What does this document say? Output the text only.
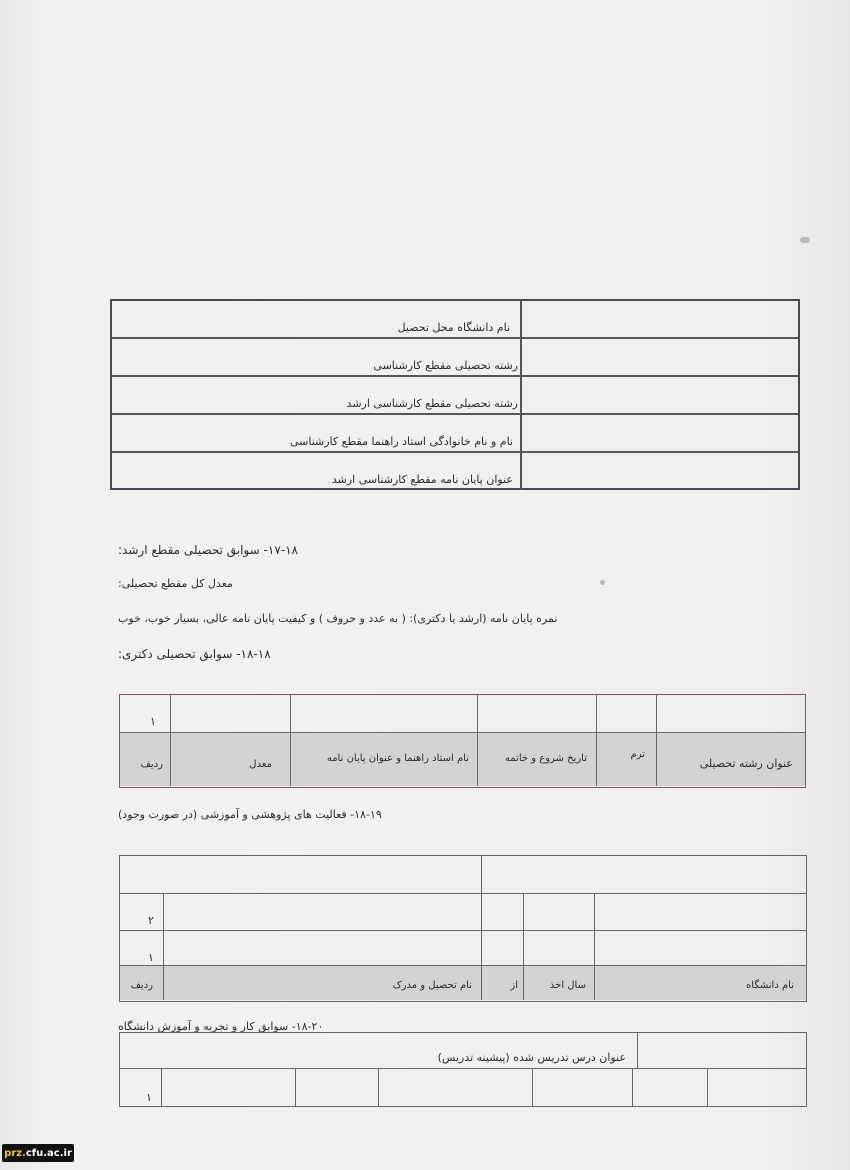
نام دانشگاه محل تحصیل
رشته تحصیلی مقطع کارشناسی
رشته تحصیلی مقطع کارشناسی ارشد
نام و نام خانوادگی استاد راهنما مقطع کارشناسی
عنوان پایان نامه مقطع کارشناسی ارشد
۱۷-۱۸- سوابق تحصیلی مقطع ارشد:
معدل کل مقطع تحصیلی:
نمره پایان نامه (ارشد یا دکتری): ( به عدد و حروف ) و کیفیت پایان نامه عالی، بسیار خوب، خوب
۱۸-۱۸- سوابق تحصیلی دکتری:
۱
عنوان رشته تحصیلی
ترم
تاریخ شروع و خاتمه
نام استاد راهنما و عنوان پایان نامه
معدل
ردیف
۱۸-۱۹- فعالیت های پژوهشی و آموزشی (در صورت وجود)
۲
۱
نام دانشگاه
سال اخذ
از
نام تحصیل و مدرک
ردیف
۱۸-۲۰- سوابق کار و تجربه و آموزش دانشگاه
عنوان درس تدریس شده (پیشینه تدریس)
۱
prz. cfu.ac.ir
